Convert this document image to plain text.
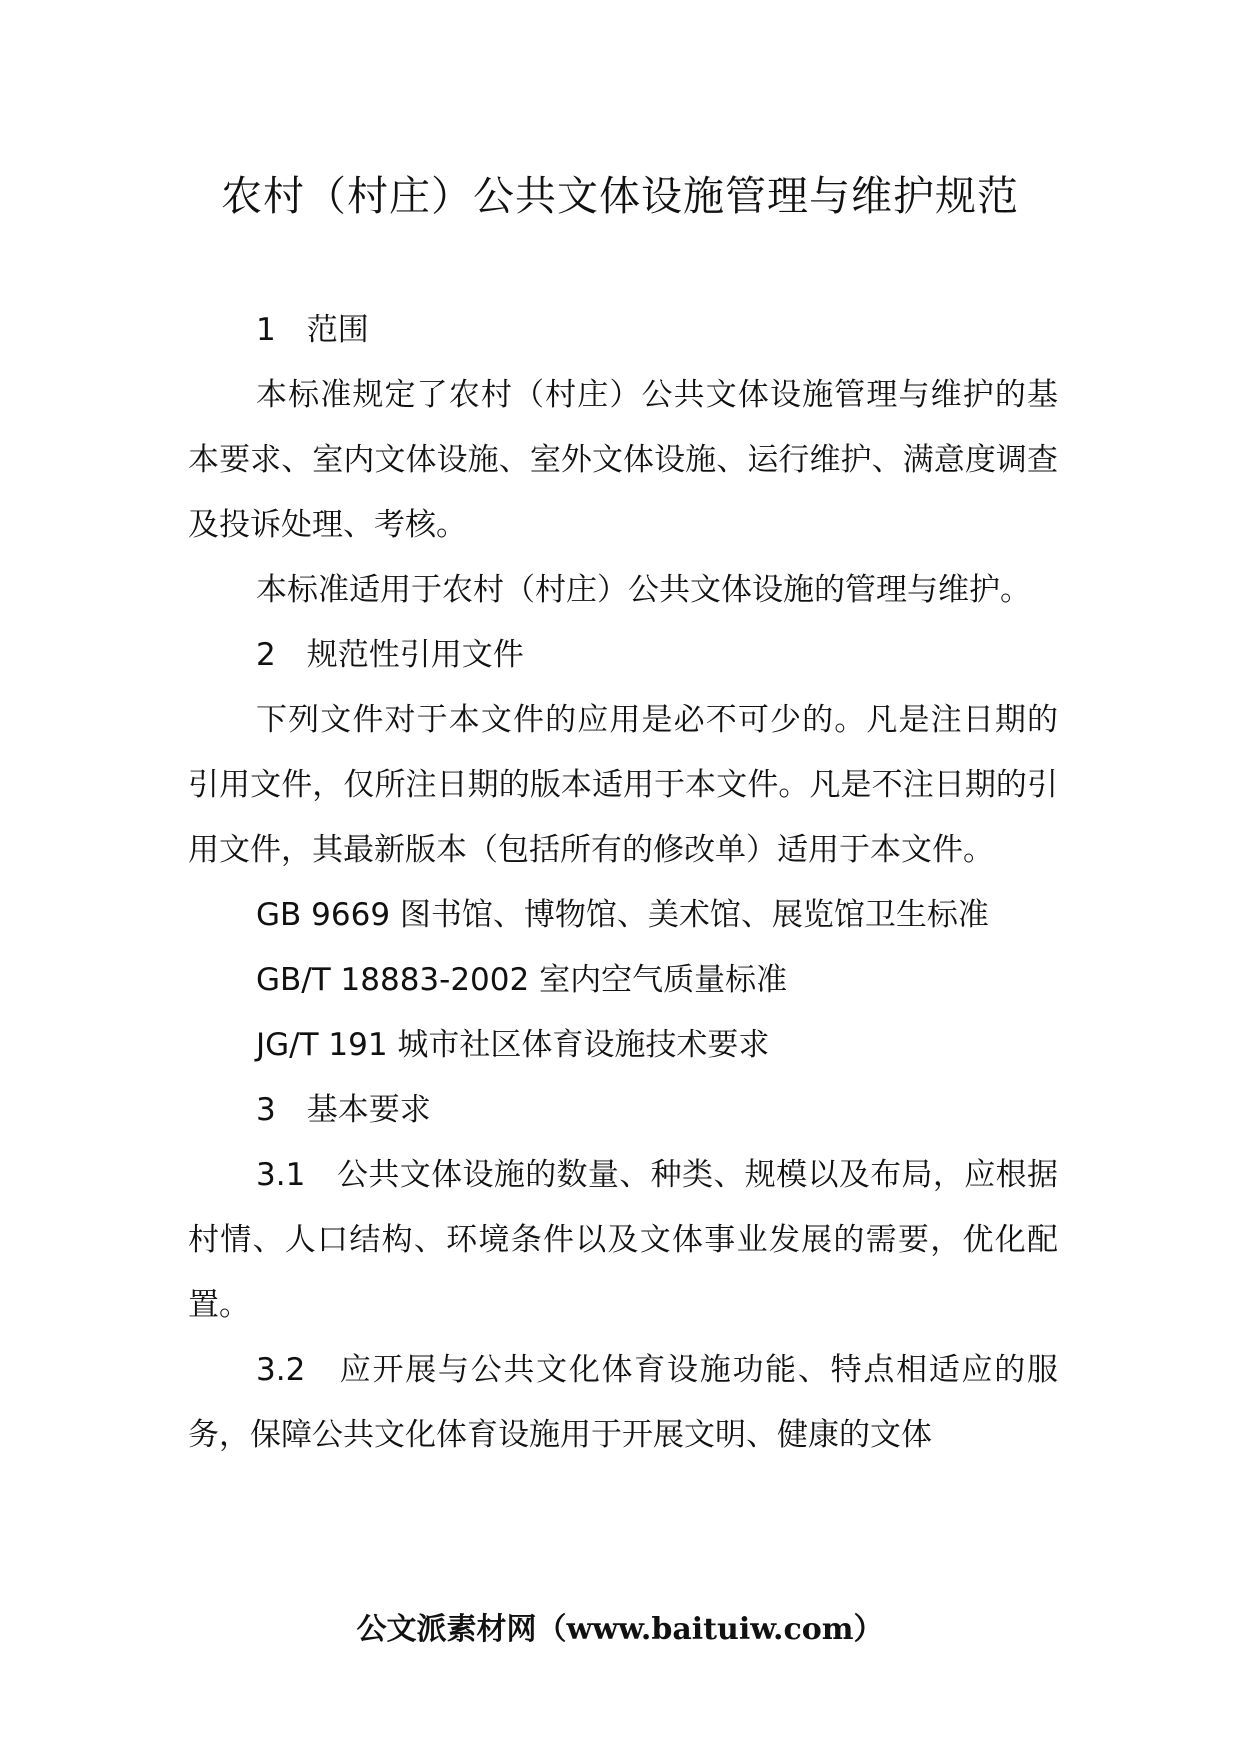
农村（村庄）公共文体设施管理与维护规范

1　范围

本标准规定了农村（村庄）公共文体设施管理与维护的基本要求、室内文体设施、室外文体设施、运行维护、满意度调查及投诉处理、考核。

本标准适用于农村（村庄）公共文体设施的管理与维护。

2　规范性引用文件

下列文件对于本文件的应用是必不可少的。凡是注日期的引用文件，仅所注日期的版本适用于本文件。凡是不注日期的引用文件，其最新版本（包括所有的修改单）适用于本文件。

GB 9669 图书馆、博物馆、美术馆、展览馆卫生标准

GB/T 18883-2002 室内空气质量标准

JG/T 191 城市社区体育设施技术要求

3　基本要求

3.1　公共文体设施的数量、种类、规模以及布局，应根据村情、人口结构、环境条件以及文体事业发展的需要，优化配置。

3.2　应开展与公共文化体育设施功能、特点相适应的服务，保障公共文化体育设施用于开展文明、健康的文体

公文派素材网（www.baituiw.com）
